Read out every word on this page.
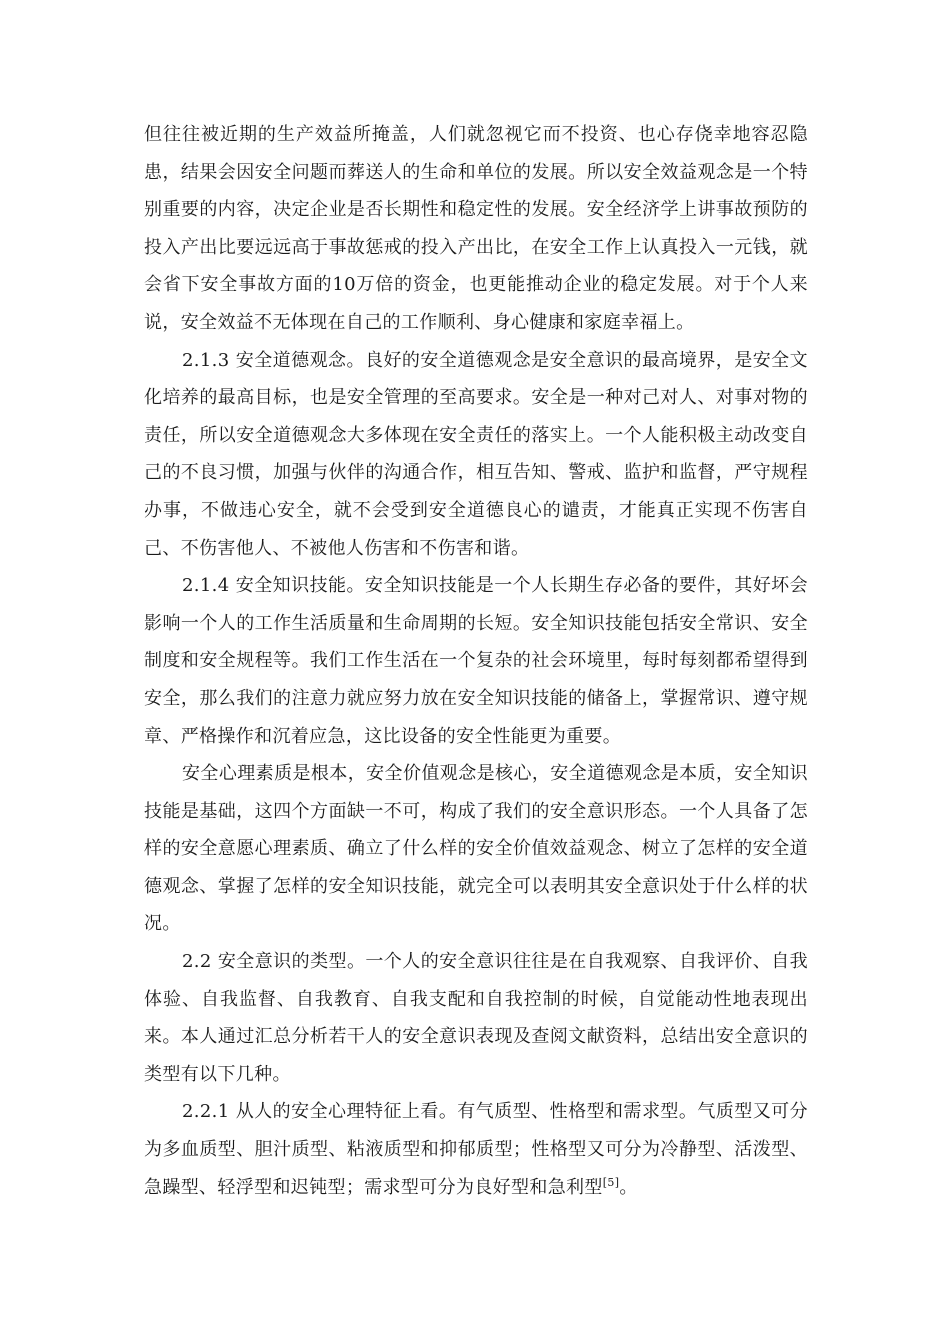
但往往被近期的生产效益所掩盖，人们就忽视它而不投资、也心存侥幸地容忍隐患，结果会因安全问题而葬送人的生命和单位的发展。所以安全效益观念是一个特别重要的内容，决定企业是否长期性和稳定性的发展。安全经济学上讲事故预防的投入产出比要远远高于事故惩戒的投入产出比，在安全工作上认真投入一元钱，就会省下安全事故方面的10万倍的资金，也更能推动企业的稳定发展。对于个人来说，安全效益不无体现在自己的工作顺利、身心健康和家庭幸福上。

2.1.3 安全道德观念。良好的安全道德观念是安全意识的最高境界，是安全文化培养的最高目标，也是安全管理的至高要求。安全是一种对己对人、对事对物的责任，所以安全道德观念大多体现在安全责任的落实上。一个人能积极主动改变自己的不良习惯，加强与伙伴的沟通合作，相互告知、警戒、监护和监督，严守规程办事，不做违心安全，就不会受到安全道德良心的谴责，才能真正实现不伤害自己、不伤害他人、不被他人伤害和不伤害和谐。

2.1.4 安全知识技能。安全知识技能是一个人长期生存必备的要件，其好坏会影响一个人的工作生活质量和生命周期的长短。安全知识技能包括安全常识、安全制度和安全规程等。我们工作生活在一个复杂的社会环境里，每时每刻都希望得到安全，那么我们的注意力就应努力放在安全知识技能的储备上，掌握常识、遵守规章、严格操作和沉着应急，这比设备的安全性能更为重要。

安全心理素质是根本，安全价值观念是核心，安全道德观念是本质，安全知识技能是基础，这四个方面缺一不可，构成了我们的安全意识形态。一个人具备了怎样的安全意愿心理素质、确立了什么样的安全价值效益观念、树立了怎样的安全道德观念、掌握了怎样的安全知识技能，就完全可以表明其安全意识处于什么样的状况。

2.2 安全意识的类型。一个人的安全意识往往是在自我观察、自我评价、自我体验、自我监督、自我教育、自我支配和自我控制的时候，自觉能动性地表现出来。本人通过汇总分析若干人的安全意识表现及查阅文献资料，总结出安全意识的类型有以下几种。

2.2.1 从人的安全心理特征上看。有气质型、性格型和需求型。气质型又可分为多血质型、胆汁质型、粘液质型和抑郁质型；性格型又可分为冷静型、活泼型、急躁型、轻浮型和迟钝型；需求型可分为良好型和急利型[5]。
